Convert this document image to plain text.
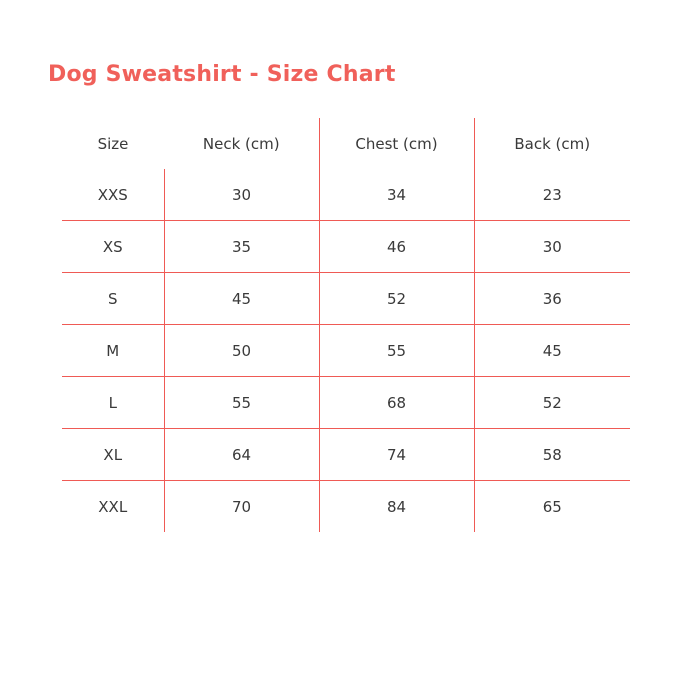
Dog Sweatshirt - Size Chart
Size	Neck (cm)	Chest (cm)	Back (cm)
XXS	30	34	23
XS	35	46	30
S	45	52	36
M	50	55	45
L	55	68	52
XL	64	74	58
XXL	70	84	65
